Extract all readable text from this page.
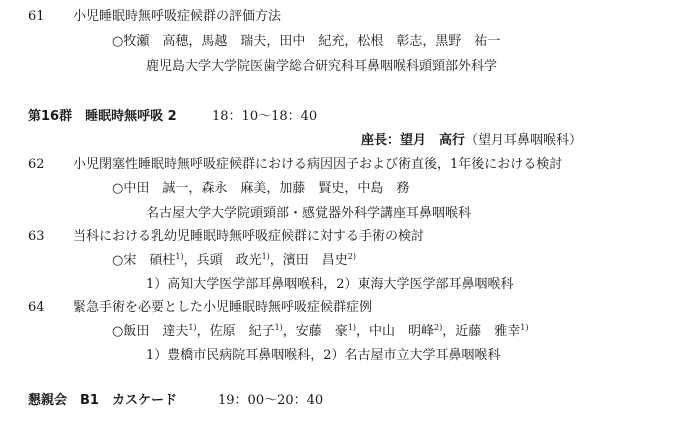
61 小児睡眠時無呼吸症候群の評価方法
○牧瀬　高穂，馬越　瑞夫，田中　紀充，松根　彰志，黒野　祐一
鹿児島大学大学院医歯学総合研究科耳鼻咽喉科頭頸部外科学
第16群　睡眠時無呼吸 2	18：10〜18：40
座長：望月　高行（望月耳鼻咽喉科）
62 小児閉塞性睡眠時無呼吸症候群における病因因子および術直後，1年後における検討
○中田　誠一，森永　麻美，加藤　賢史，中島　務
名古屋大学大学院頭頸部・感覚器外科学講座耳鼻咽喉科
63 当科における乳幼児睡眠時無呼吸症候群に対する手術の検討
○宋　碩柱$^{1)}$，兵頭　政光$^{1)}$，濱田　昌史$^{2)}$
1）高知大学医学部耳鼻咽喉科，2）東海大学医学部耳鼻咽喉科
64 緊急手術を必要とした小児睡眠時無呼吸症候群症例
○飯田　達夫$^{1)}$，佐原　紀子$^{1)}$，安藤　豪$^{1)}$，中山　明峰$^{2)}$，近藤　雅幸$^{1)}$
1）豊橋市民病院耳鼻咽喉科，2）名古屋市立大学耳鼻咽喉科
懇親会　B1　カスケード	19：00〜20：40
